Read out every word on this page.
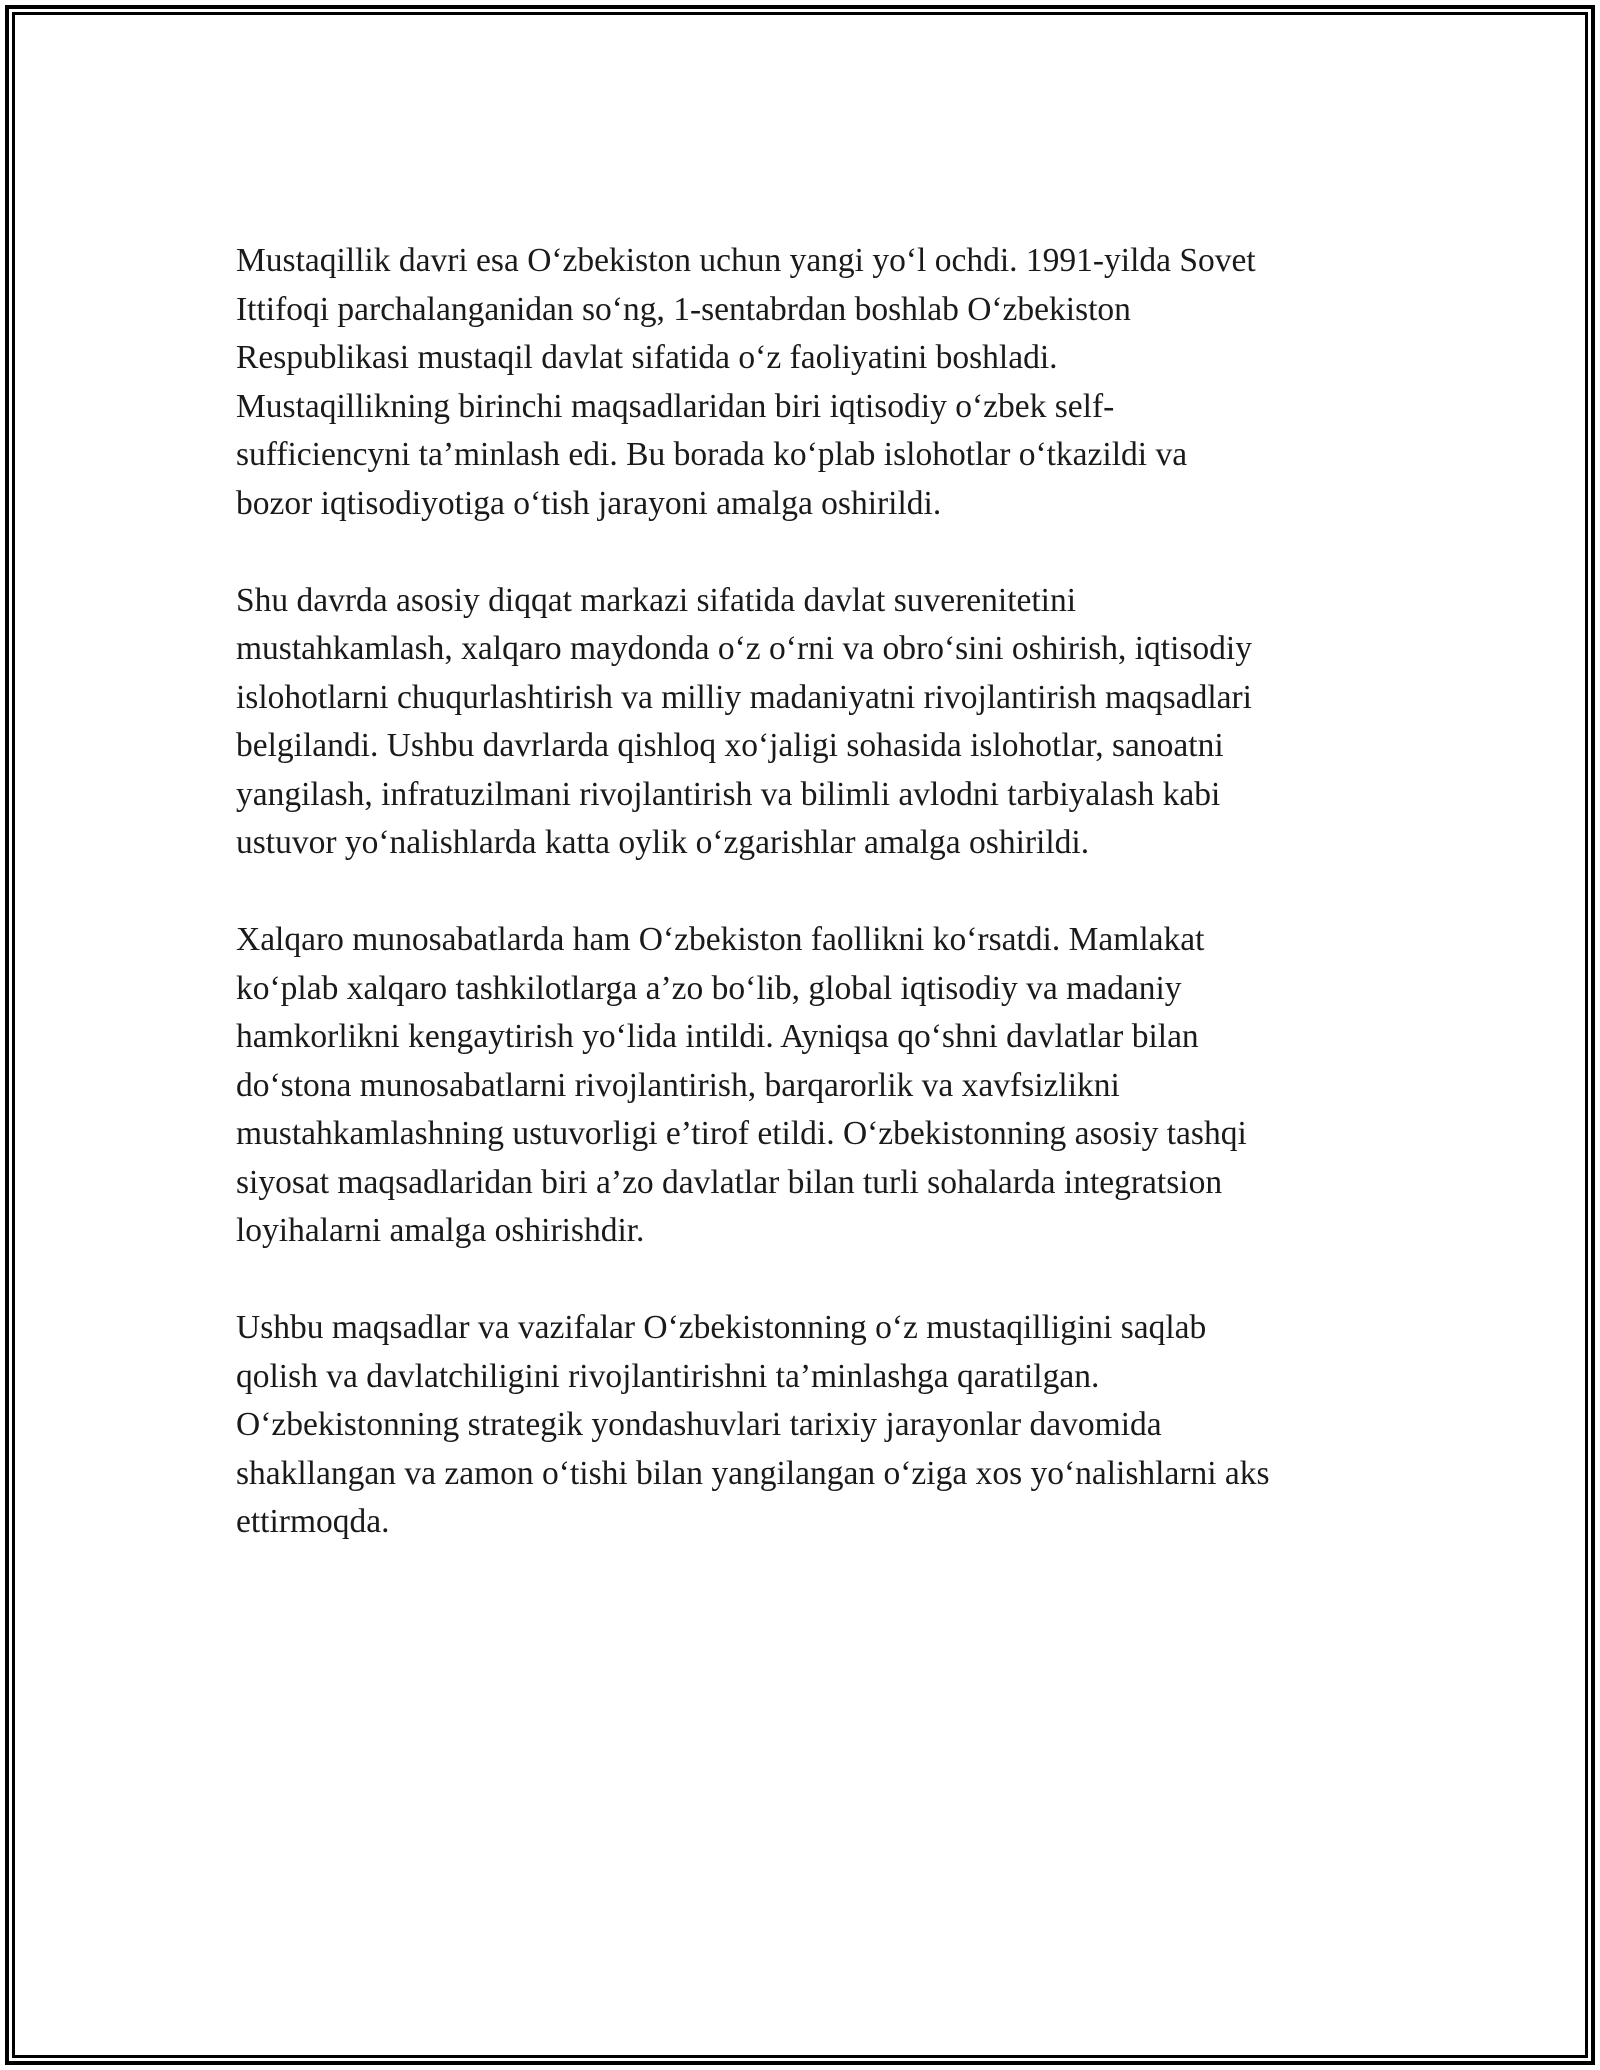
Mustaqillik davri esa O‘zbekiston uchun yangi yo‘l ochdi. 1991-yilda Sovet
Ittifoqi parchalanganidan so‘ng, 1-sentabrdan boshlab O‘zbekiston
Respublikasi mustaqil davlat sifatida o‘z faoliyatini boshladi.
Mustaqillikning birinchi maqsadlaridan biri iqtisodiy o‘zbek self-
sufficiencyni ta’minlash edi. Bu borada ko‘plab islohotlar o‘tkazildi va
bozor iqtisodiyotiga o‘tish jarayoni amalga oshirildi.

Shu davrda asosiy diqqat markazi sifatida davlat suverenitetini
mustahkamlash, xalqaro maydonda o‘z o‘rni va obro‘sini oshirish, iqtisodiy
islohotlarni chuqurlashtirish va milliy madaniyatni rivojlantirish maqsadlari
belgilandi. Ushbu davrlarda qishloq xo‘jaligi sohasida islohotlar, sanoatni
yangilash, infratuzilmani rivojlantirish va bilimli avlodni tarbiyalash kabi
ustuvor yo‘nalishlarda katta oylik o‘zgarishlar amalga oshirildi.

Xalqaro munosabatlarda ham O‘zbekiston faollikni ko‘rsatdi. Mamlakat
ko‘plab xalqaro tashkilotlarga a’zo bo‘lib, global iqtisodiy va madaniy
hamkorlikni kengaytirish yo‘lida intildi. Ayniqsa qo‘shni davlatlar bilan
do‘stona munosabatlarni rivojlantirish, barqarorlik va xavfsizlikni
mustahkamlashning ustuvorligi e’tirof etildi. O‘zbekistonning asosiy tashqi
siyosat maqsadlaridan biri a’zo davlatlar bilan turli sohalarda integratsion
loyihalarni amalga oshirishdir.

Ushbu maqsadlar va vazifalar O‘zbekistonning o‘z mustaqilligini saqlab
qolish va davlatchiligini rivojlantirishni ta’minlashga qaratilgan.
O‘zbekistonning strategik yondashuvlari tarixiy jarayonlar davomida
shakllangan va zamon o‘tishi bilan yangilangan o‘ziga xos yo‘nalishlarni aks
ettirmoqda.
